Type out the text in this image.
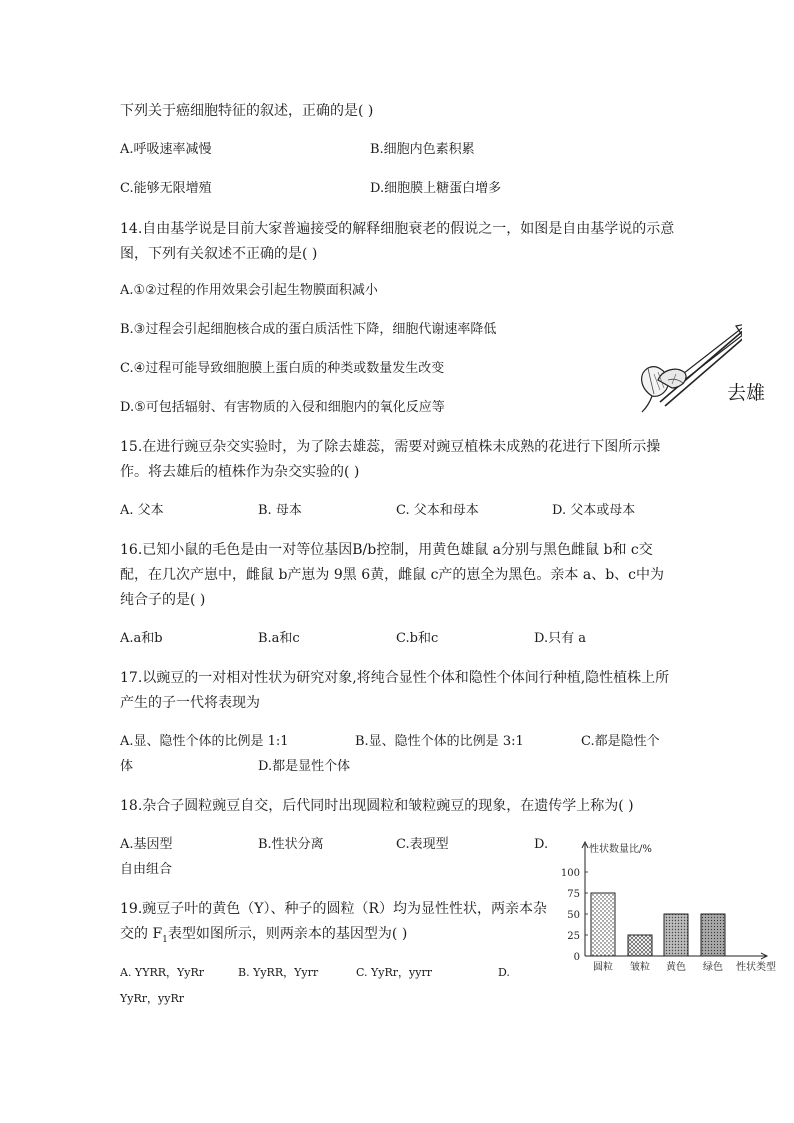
下列关于癌细胞特征的叙述，正确的是( )
A.呼吸速率减慢	B.细胞内色素积累
C.能够无限增殖	D.细胞膜上糖蛋白增多
14.自由基学说是目前大家普遍接受的解释细胞衰老的假说之一，如图是自由基学说的示意
图，下列有关叙述不正确的是( )
A.①②过程的作用效果会引起生物膜面积减小
B.③过程会引起细胞核合成的蛋白质活性下降，细胞代谢速率降低
C.④过程可能导致细胞膜上蛋白质的种类或数量发生改变
D.⑤可包括辐射、有害物质的入侵和细胞内的氧化反应等
去雄
15.在进行豌豆杂交实验时，为了除去雄蕊，需要对豌豆植株未成熟的花进行下图所示操
作。将去雄后的植株作为杂交实验的( )
A. 父本	B. 母本	C. 父本和母本	D. 父本或母本
16.已知小鼠的毛色是由一对等位基因B/b控制，用黄色雄鼠 a分别与黑色雌鼠 b和 c交
配，在几次产崽中，雌鼠 b产崽为 9黑 6黄，雌鼠 c产的崽全为黑色。亲本 a、b、c中为
纯合子的是( )
A.a和b	B.a和c	C.b和c	D.只有 a
17.以豌豆的一对相对性状为研究对象,将纯合显性个体和隐性个体间行种植,隐性植株上所
产生的子一代将表现为
A.显、隐性个体的比例是 1:1	B.显、隐性个体的比例是 3:1	C.都是隐性个
体	D.都是显性个体
18.杂合子圆粒豌豆自交，后代同时出现圆粒和皱粒豌豆的现象，在遗传学上称为( )
A.基因型	B.性状分离	C.表现型	D.
自由组合
19.豌豆子叶的黄色（Y）、种子的圆粒（R）均为显性性状，两亲本杂
交的 $F_1$表型如图所示，则两亲本的基因型为( )
A. YYRR，YyRr	B. YyRR，Yyrr	C. YyRr，yyrr	D.
YyRr，yyRr
性状数量比/%
100
75
50
25
0
圆粒 皱粒 黄色 绿色 性状类型
